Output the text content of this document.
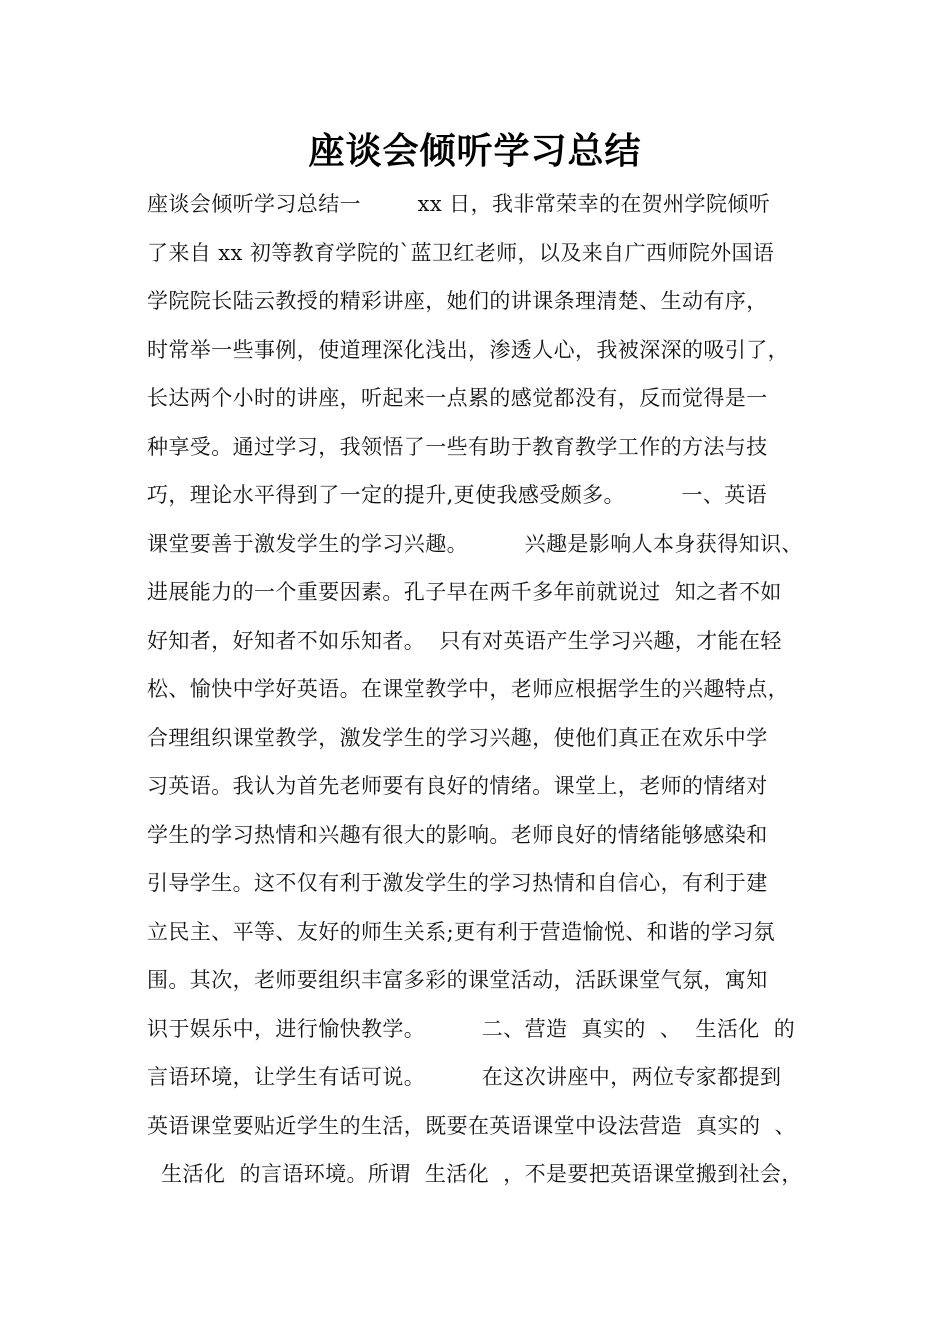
座谈会倾听学习总结
座谈会倾听学习总结一        xx 日，我非常荣幸的在贺州学院倾听
了来自 xx 初等教育学院的`蓝卫红老师，以及来自广西师院外国语
学院院长陆云教授的精彩讲座，她们的讲课条理清楚、生动有序，
时常举一些事例，使道理深化浅出，渗透人心，我被深深的吸引了，
长达两个小时的讲座，听起来一点累的感觉都没有，反而觉得是一
种享受。通过学习，我领悟了一些有助于教育教学工作的方法与技
巧，理论水平得到了一定的提升,更使我感受颇多。        一、英语
课堂要善于激发学生的学习兴趣。        兴趣是影响人本身获得知识、
进展能力的一个重要因素。孔子早在两千多年前就说过  知之者不如
好知者，好知者不如乐知者。  只有对英语产生学习兴趣，才能在轻
松、愉快中学好英语。在课堂教学中，老师应根据学生的兴趣特点，
合理组织课堂教学，激发学生的学习兴趣，使他们真正在欢乐中学
习英语。我认为首先老师要有良好的情绪。课堂上，老师的情绪对
学生的学习热情和兴趣有很大的影响。老师良好的情绪能够感染和
引导学生。这不仅有利于激发学生的学习热情和自信心，有利于建
立民主、平等、友好的师生关系;更有利于营造愉悦、和谐的学习氛
围。其次，老师要组织丰富多彩的课堂活动，活跃课堂气氛，寓知
识于娱乐中，进行愉快教学。        二、营造  真实的  、  生活化  的
言语环境，让学生有话可说。        在这次讲座中，两位专家都提到
英语课堂要贴近学生的生活，既要在英语课堂中设法营造  真实的  、
生活化  的言语环境。所谓  生活化  ，不是要把英语课堂搬到社会，
